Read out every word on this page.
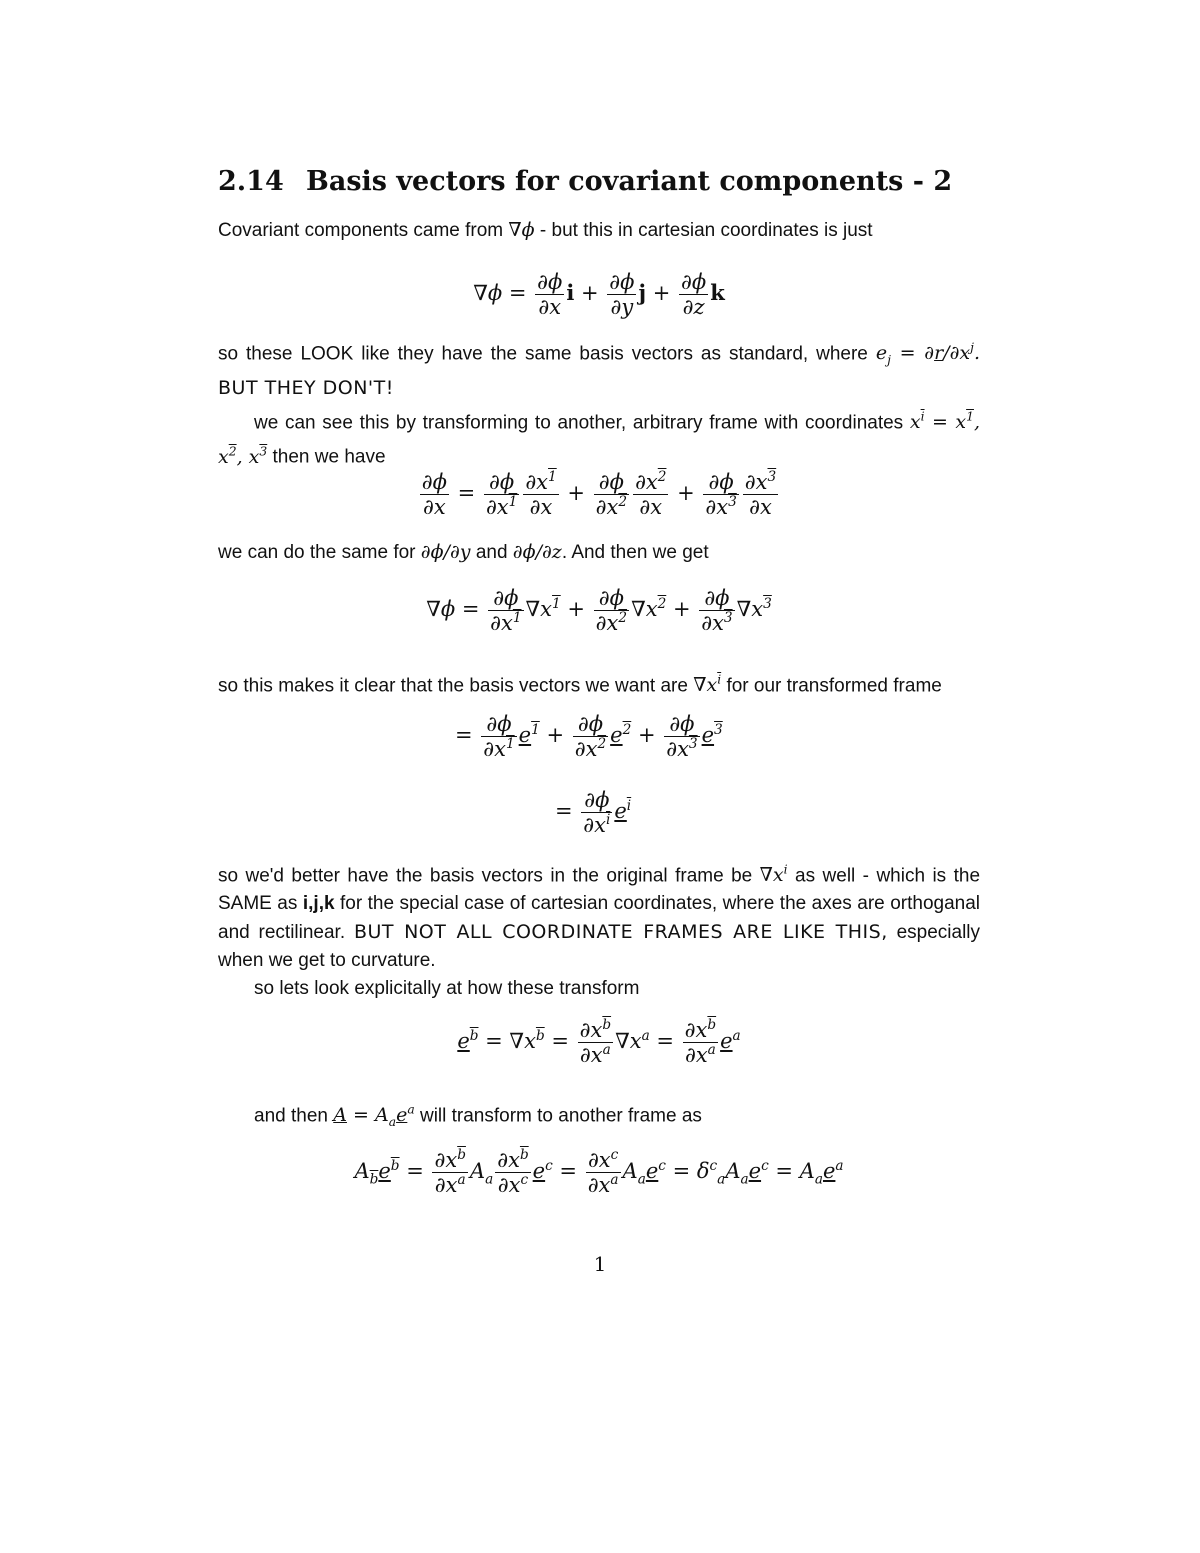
2.14 Basis vectors for covariant components - 2

Covariant components came from ∇ϕ - but this in cartesian coordinates is just

$\nabla\phi = \frac{\partial\phi}{\partial x}$ $i + \frac{\partial\phi}{\partial y}$ $j + \frac{\partial\phi}{\partial z}$ k

so these LOOK like they have the same basis vectors as standard, where $e_j = \partial r/\partial x^j$. BUT THEY DON'T!

we can see this by transforming to another, arbitrary frame with coordinates $x^{\overline{i}} = x^1$, $x^2$, $x^3$ then we have

$\frac{\partial\phi}{\partial x} = \frac{\partial\phi}{\partial x^1} \frac{\partial x^1}{\partial x} + \frac{\partial\phi}{\partial x^2} \frac{\partial x^2}{\partial x} + \frac{\partial\phi}{\partial x^3} \frac{\partial x^3}{\partial x}$

we can do the same for ∂ϕ/∂y and ∂ϕ/∂z. And then we get

$\nabla\phi = \frac{\partial\phi}{\partial x^1} \nabla x^1 + \frac{\partial\phi}{\partial x^2} \nabla x^2 + \frac{\partial\phi}{\partial x^3} \nabla x^3$

so this makes it clear that the basis vectors we want are $\nabla x^{\overline{i}}$ for our transformed frame

= $\frac{\partial\phi}{\partial x^1} e^1 + \frac{\partial\phi}{\partial x^2} e^2 + \frac{\partial\phi}{\partial x^3} e^3$
= $\frac{\partial\phi}{\partial x^{\overline{i}}} e^{\overline{i}}$

so we'd better have the basis vectors in the original frame be $\nabla x^i$ as well - which is the SAME as i,j,k for the special case of cartesian coordinates, where the axes are orthoganal and rectilinear. BUT NOT ALL COORDINATE FRAMES ARE LIKE THIS, especially when we get to curvature.

so lets look explicitally at how these transform

$e^{\overline{b}} = \nabla x^{\overline{b}} = \frac{\partial x^{\overline{b}}}{\partial x^a} \nabla x^a = \frac{\partial x^{\overline{b}}}{\partial x^a} e^a$

and then $A = A_ae^a$ will transform to another frame as

$A_{\overline{b}}e^{\overline{b}} = \frac{\partial x^{\overline{b}}}{\partial x^a} A_a \frac{\partial x^{\overline{b}}}{\partial x^c} e^c = \frac{\partial x^c}{\partial x^a} A_ae^c = \delta^c_aA_ae^c = A_ae^a$
1
